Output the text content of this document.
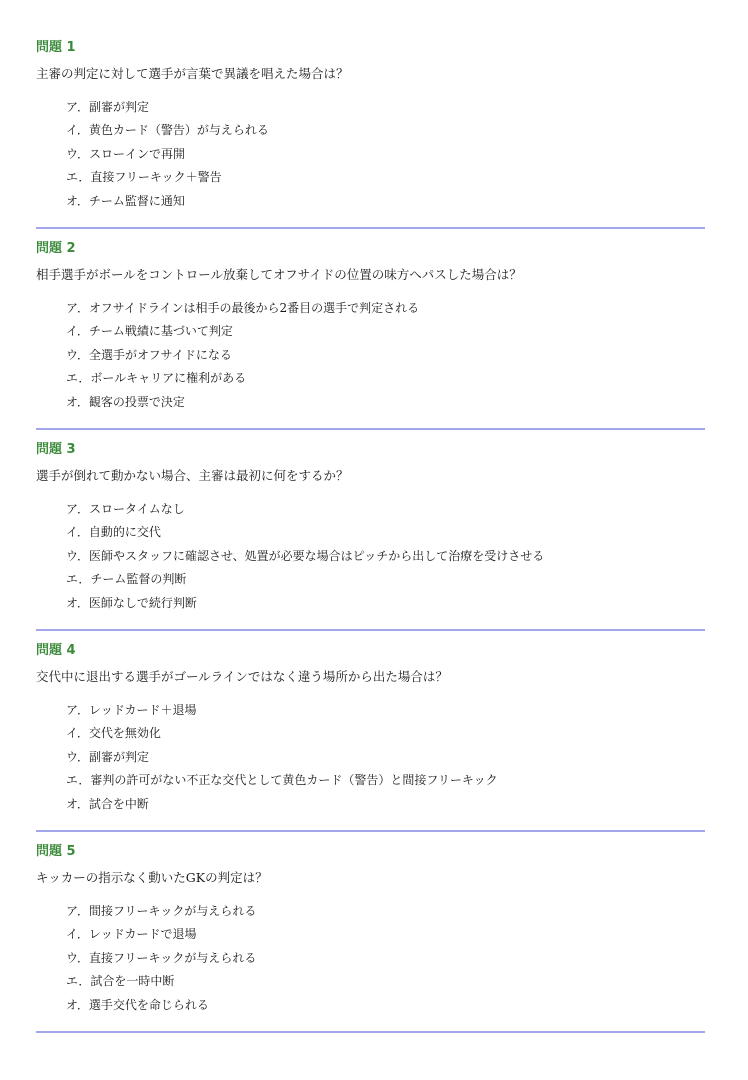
問題 1
主審の判定に対して選手が言葉で異議を唱えた場合は？
ア．副審が判定
イ．黄色カード（警告）が与えられる
ウ．スローインで再開
エ．直接フリーキック＋警告
オ．チーム監督に通知
問題 2
相手選手がボールをコントロール放棄してオフサイドの位置の味方へパスした場合は？
ア．オフサイドラインは相手の最後から2番目の選手で判定される
イ．チーム戦績に基づいて判定
ウ．全選手がオフサイドになる
エ．ボールキャリアに権利がある
オ．観客の投票で決定
問題 3
選手が倒れて動かない場合、主審は最初に何をするか？
ア．スロータイムなし
イ．自動的に交代
ウ．医師やスタッフに確認させ、処置が必要な場合はピッチから出して治療を受けさせる
エ．チーム監督の判断
オ．医師なしで続行判断
問題 4
交代中に退出する選手がゴールラインではなく違う場所から出た場合は？
ア．レッドカード＋退場
イ．交代を無効化
ウ．副審が判定
エ．審判の許可がない不正な交代として黄色カード（警告）と間接フリーキック
オ．試合を中断
問題 5
キッカーの指示なく動いたGKの判定は？
ア．間接フリーキックが与えられる
イ．レッドカードで退場
ウ．直接フリーキックが与えられる
エ．試合を一時中断
オ．選手交代を命じられる
